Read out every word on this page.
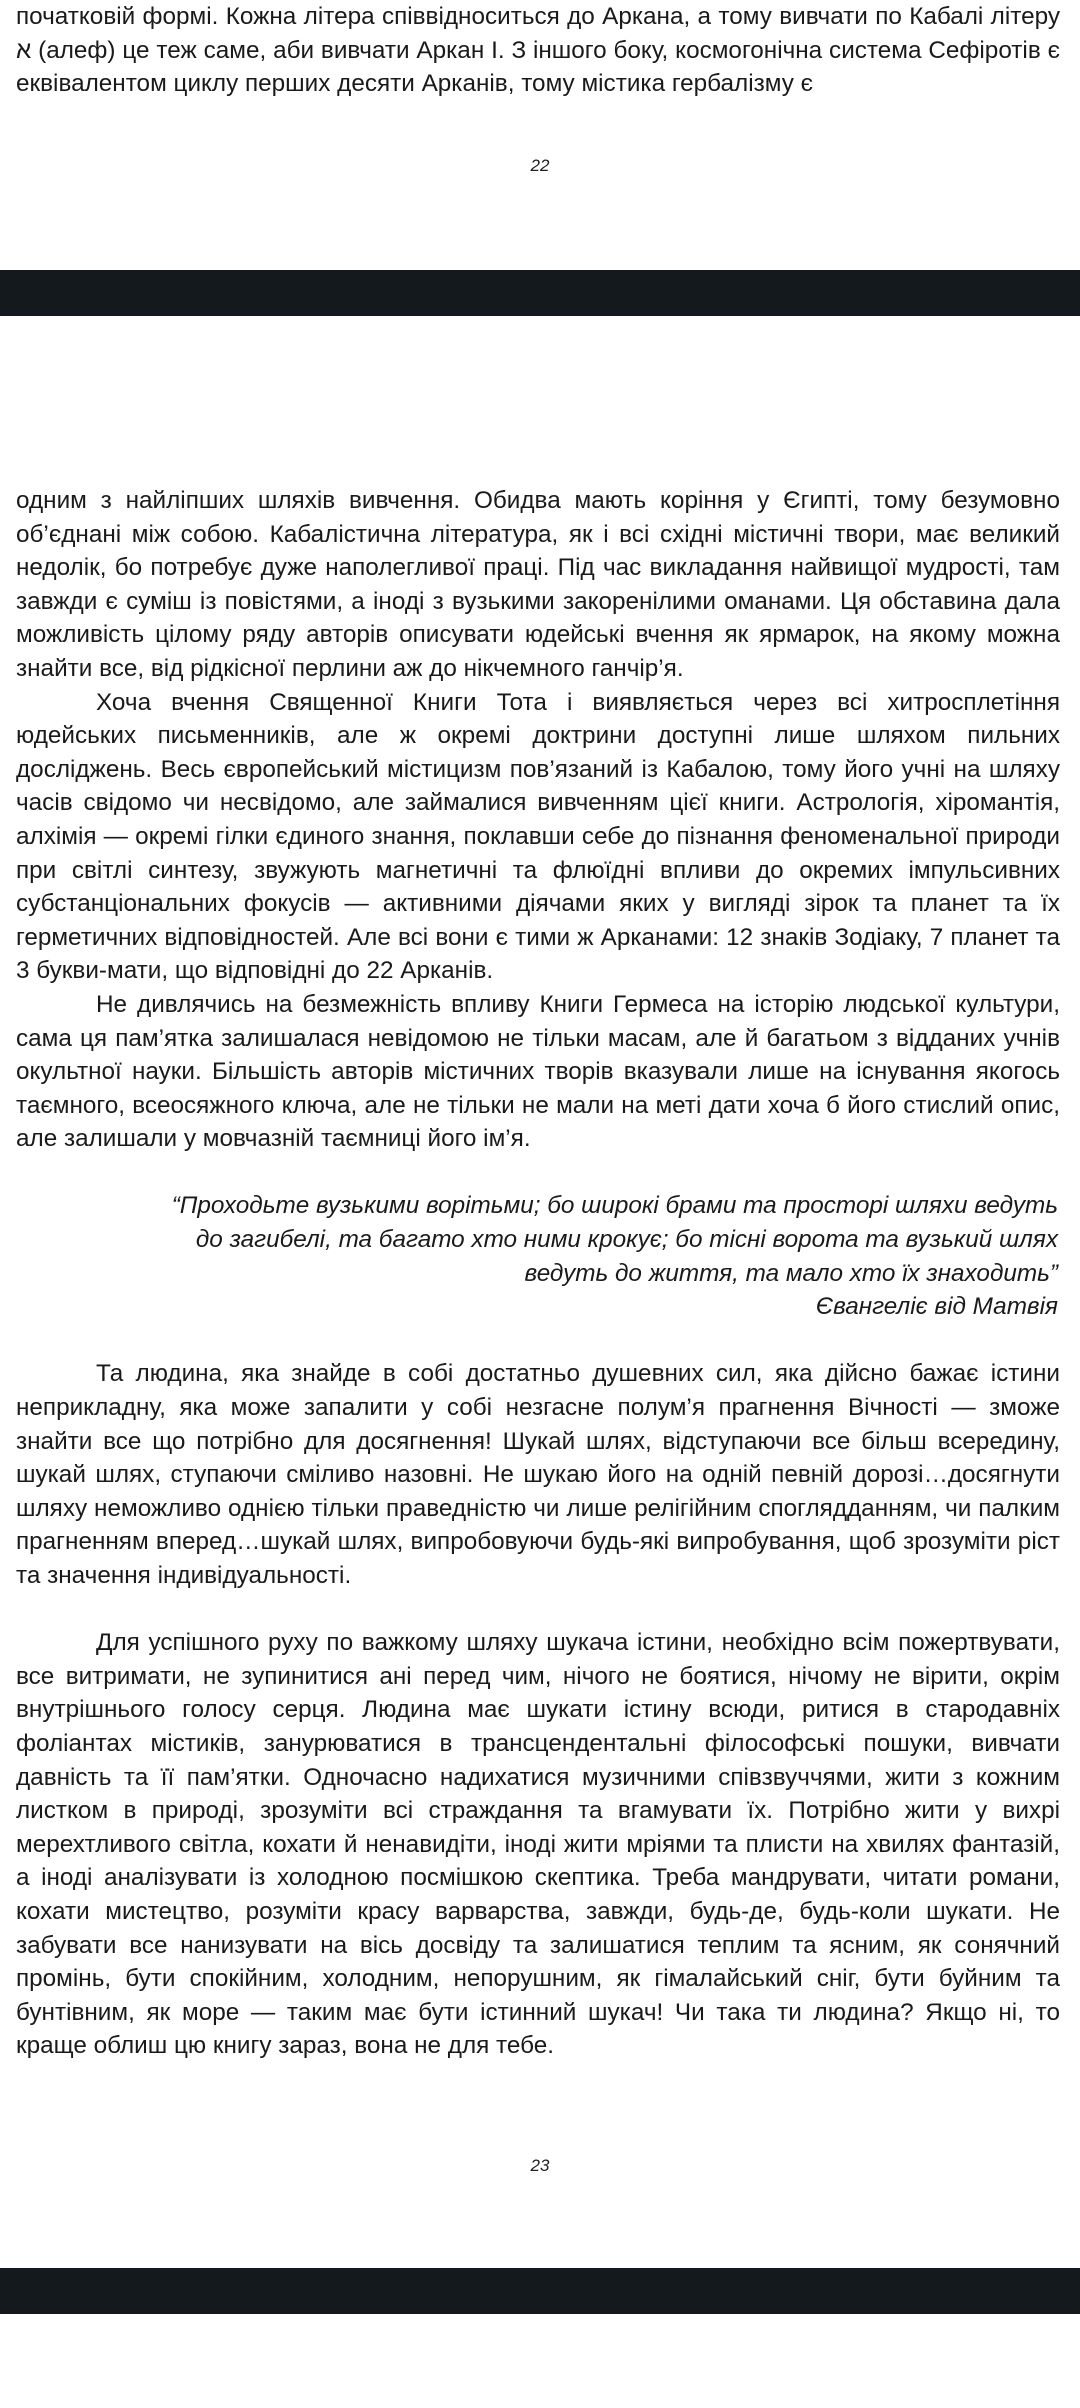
початковій формі. Кожна літера співвідноситься до Аркана, а тому вивчати по Кабалі літеру א (алеф) це теж саме, аби вивчати Аркан І. З іншого боку, космогонічна система Сефіротів є еквівалентом циклу перших десяти Арканів, тому містика гербалізму є

22

одним з найліпших шляхів вивчення. Обидва мають коріння у Єгипті, тому безумовно об’єднані між собою. Кабалістична література, як і всі східні містичні твори, має великий недолік, бо потребує дуже наполегливої праці. Під час викладання найвищої мудрості, там завжди є суміш із повістями, а іноді з вузькими закоренілими оманами. Ця обставина дала можливість цілому ряду авторів описувати юдейські вчення як ярмарок, на якому можна знайти все, від рідкісної перлини аж до нікчемного ганчір’я.

Хоча вчення Священної Книги Тота і виявляється через всі хитросплетіння юдейських письменників, але ж окремі доктрини доступні лише шляхом пильних досліджень. Весь європейський містицизм пов’язаний із Кабалою, тому його учні на шляху часів свідомо чи несвідомо, але займалися вивченням цієї книги. Астрологія, хіромантія, алхімія — окремі гілки єдиного знання, поклавши себе до пізнання феноменальної природи при світлі синтезу, звужують магнетичні та флюїдні впливи до окремих імпульсивних субстанціональних фокусів — активними діячами яких у вигляді зірок та планет та їх герметичних відповідностей. Але всі вони є тими ж Арканами: 12 знаків Зодіаку, 7 планет та 3 букви-мати, що відповідні до 22 Арканів.

Не дивлячись на безмежність впливу Книги Гермеса на історію людської культури, сама ця пам’ятка залишалася невідомою не тільки масам, але й багатьом з відданих учнів окультної науки. Більшість авторів містичних творів вказували лише на існування якогось таємного, всеосяжного ключа, але не тільки не мали на меті дати хоча б його стислий опис, але залишали у мовчазній таємниці його ім’я.

“Проходьте вузькими ворітьми; бо широкі брами та просторі шляхи ведуть

до загибелі, та багато хто ними крокує; бо тісні ворота та вузький шлях

ведуть до життя, та мало хто їх знаходить”

Євангеліє від Матвія

Та людина, яка знайде в собі достатньо душевних сил, яка дійсно бажає істини неприкладну, яка може запалити у собі незгасне полум’я прагнення Вічності — зможе знайти все що потрібно для досягнення! Шукай шлях, відступаючи все більш всередину, шукай шлях, ступаючи сміливо назовні. Не шукаю його на одній певній дорозі…досягнути шляху неможливо однією тільки праведністю чи лише релігійним споглядданням, чи палким прагненням вперед…шукай шлях, випробовуючи будь-які випробування, щоб зрозуміти ріст та значення індивідуальності.

Для успішного руху по важкому шляху шукача істини, необхідно всім пожертвувати, все витримати, не зупинитися ані перед чим, нічого не боятися, нічому не вірити, окрім внутрішнього голосу серця. Людина має шукати істину всюди, ритися в стародавніх фоліантах містиків, занурюватися в трансцендентальні філософські пошуки, вивчати давність та її пам’ятки. Одночасно надихатися музичними співзвуччями, жити з кожним листком в природі, зрозуміти всі страждання та вгамувати їх. Потрібно жити у вихрі мерехтливого світла, кохати й ненавидіти, іноді жити мріями та плисти на хвилях фантазій, а іноді аналізувати із холодною посмішкою скептика. Треба мандрувати, читати романи, кохати мистецтво, розуміти красу варварства, завжди, будь-де, будь-коли шукати. Не забувати все нанизувати на вісь досвіду та залишатися теплим та ясним, як сонячний промінь, бути спокійним, холодним, непорушним, як гімалайський сніг, бути буйним та бунтівним, як море — таким має бути істинний шукач! Чи така ти людина? Якщо ні, то краще облиш цю книгу зараз, вона не для тебе.

23
